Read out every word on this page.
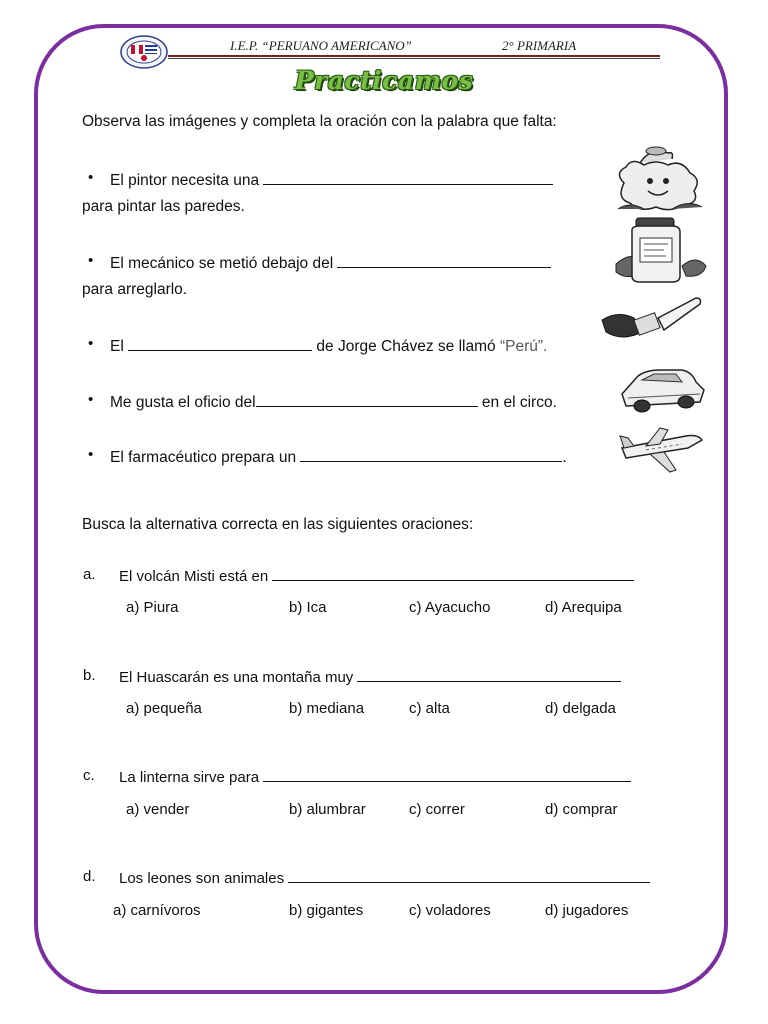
I.E.P. “PERUANO AMERICANO”	2° PRIMARIA
Practicamos
Observa las imágenes y completa la oración con la palabra que falta:
• El pintor necesita una
para pintar las paredes.
• El mecánico se metió debajo del
para arreglarlo.
• El	de Jorge Chávez se llamó “Perú”.
• Me gusta el oficio del	en el circo.
• El farmacéutico prepara un	.
Busca la alternativa correcta en las siguientes oraciones:
a. El volcán Misti está en
a) Piura	b) Ica	c) Ayacucho	d) Arequipa
b. El Huascarán es una montaña muy
a) pequeña	b) mediana	c) alta	d) delgada
c. La linterna sirve para
a) vender	b) alumbrar	c) correr	d) comprar
d. Los leones son animales
a) carnívoros	b) gigantes	c) voladores	d) jugadores
